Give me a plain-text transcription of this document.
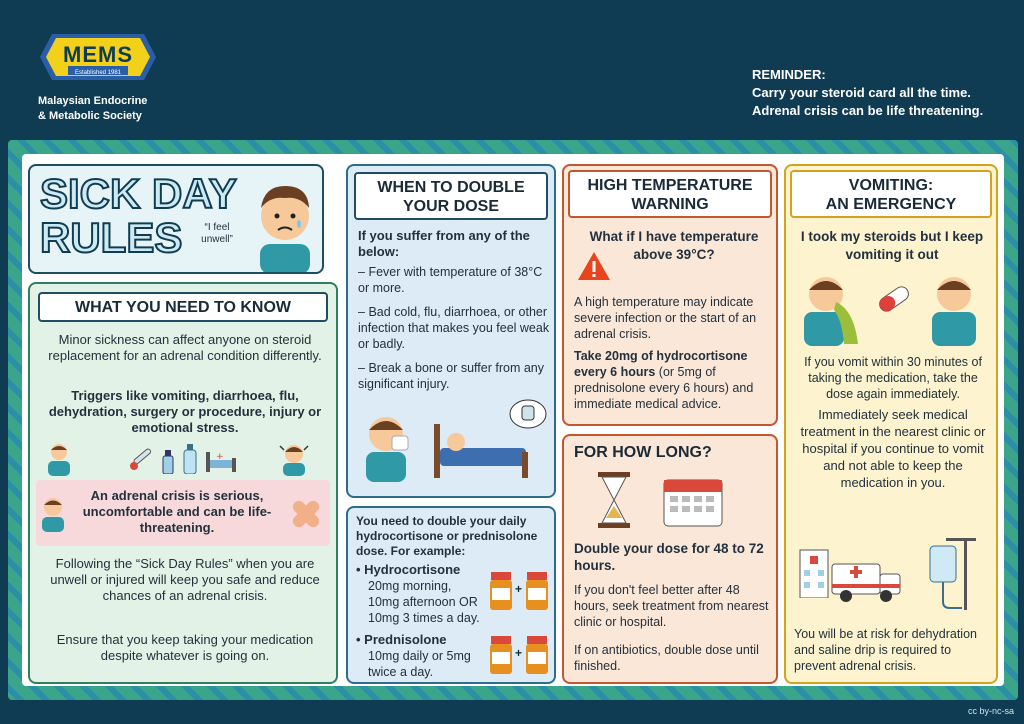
MEMS
Established 1981
Malaysian Endocrine
& Metabolic Society
REMINDER:
Carry your steroid card all the time.
Adrenal crisis can be life threatening.
SICK DAY
RULES	“I feel unwell”
WHAT YOU NEED TO KNOW
Minor sickness can affect anyone on steroid replacement for an adrenal condition differently.
Triggers like vomiting, diarrhoea, flu, dehydration, surgery or procedure, injury or emotional stress.
+
An adrenal crisis is serious, uncomfortable and can be life-threatening.
Following the “Sick Day Rules” when you are unwell or injured will keep you safe and reduce chances of an adrenal crisis.
Ensure that you keep taking your medication despite whatever is going on.
WHEN TO DOUBLE
YOUR DOSE
If you suffer from any of the below:
– Fever with temperature of 38°C or more.
– Bad cold, flu, diarrhoea, or other infection that makes you feel weak or badly.
– Break a bone or suffer from any significant injury.
You need to double your daily hydrocortisone or prednisolone dose. For example:
• Hydrocortisone
20mg morning, 10mg afternoon OR 10mg 3 times a day.
• Prednisolone
10mg daily or 5mg twice a day.
+
+
HIGH TEMPERATURE
WARNING
What if I have temperature above 39°C?
A high temperature may indicate severe infection or the start of an adrenal crisis.
Take 20mg of hydrocortisone every 6 hours (or 5mg of prednisolone every 6 hours) and immediate medical advice.
FOR HOW LONG?
Double your dose for 48 to 72 hours.
If you don't feel better after 48 hours, seek treatment from nearest clinic or hospital.
If on antibiotics, double dose until finished.
VOMITING:
AN EMERGENCY
I took my steroids but I keep vomiting it out
If you vomit within 30 minutes of taking the medication, take the dose again immediately.
Immediately seek medical treatment in the nearest clinic or hospital if you continue to vomit and not able to keep the medication in you.
You will be at risk for dehydration and saline drip is required to prevent adrenal crisis.
cc by-nc-sa
